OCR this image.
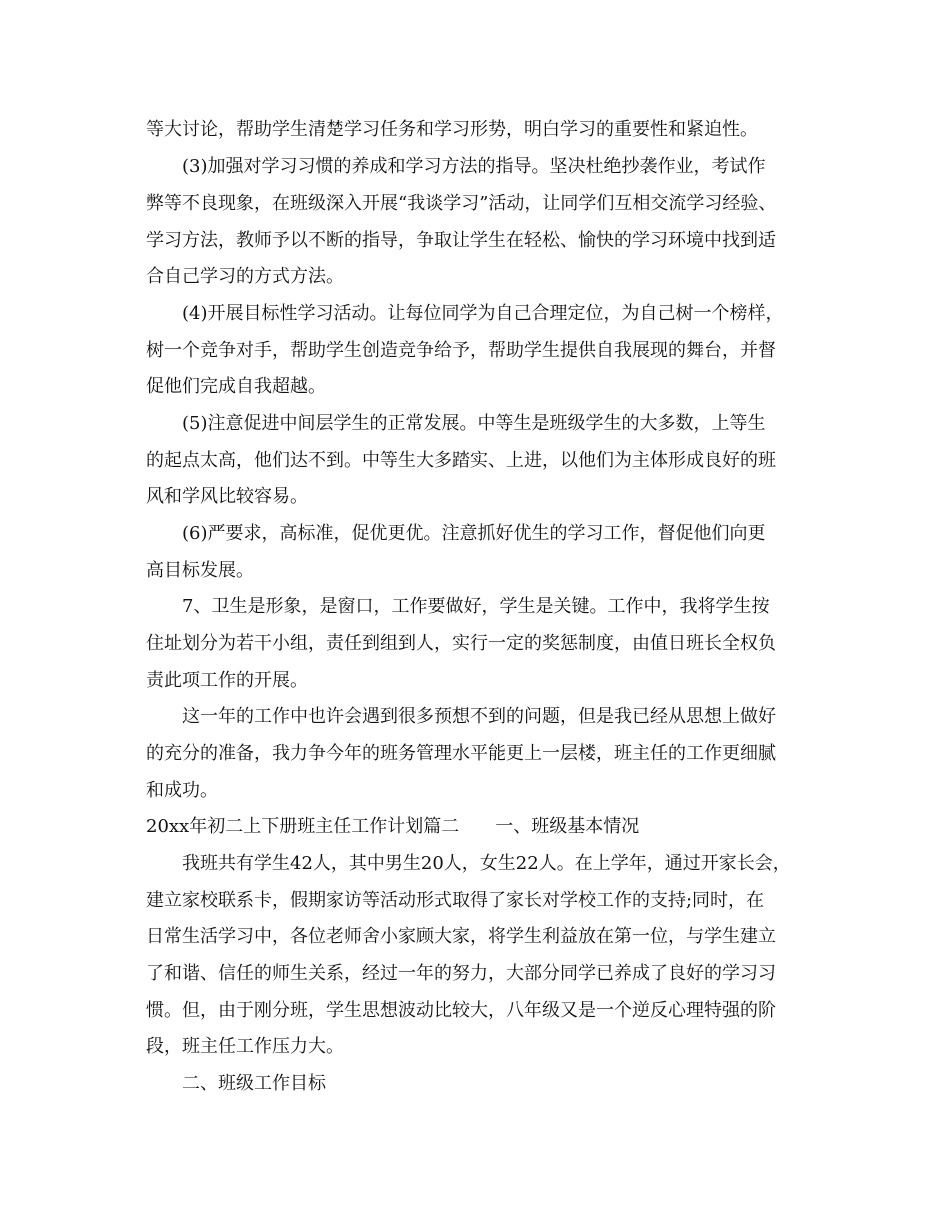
等大讨论，帮助学生清楚学习任务和学习形势，明白学习的重要性和紧迫性。
(3)加强对学习习惯的养成和学习方法的指导。坚决杜绝抄袭作业，考试作
弊等不良现象，在班级深入开展“我谈学习”活动，让同学们互相交流学习经验、
学习方法，教师予以不断的指导，争取让学生在轻松、愉快的学习环境中找到适
合自己学习的方式方法。
(4)开展目标性学习活动。让每位同学为自己合理定位，为自己树一个榜样，
树一个竞争对手，帮助学生创造竞争给予，帮助学生提供自我展现的舞台，并督
促他们完成自我超越。
(5)注意促进中间层学生的正常发展。中等生是班级学生的大多数，上等生
的起点太高，他们达不到。中等生大多踏实、上进，以他们为主体形成良好的班
风和学风比较容易。
(6)严要求，高标准，促优更优。注意抓好优生的学习工作，督促他们向更
高目标发展。
7、卫生是形象，是窗口，工作要做好，学生是关键。工作中，我将学生按
住址划分为若干小组，责任到组到人，实行一定的奖惩制度，由值日班长全权负
责此项工作的开展。
这一年的工作中也许会遇到很多预想不到的问题，但是我已经从思想上做好
的充分的准备，我力争今年的班务管理水平能更上一层楼，班主任的工作更细腻
和成功。
20xx年初二上下册班主任工作计划篇二　　一、班级基本情况
我班共有学生42人，其中男生20人，女生22人。在上学年，通过开家长会，
建立家校联系卡，假期家访等活动形式取得了家长对学校工作的支持;同时，在
日常生活学习中，各位老师舍小家顾大家，将学生利益放在第一位，与学生建立
了和谐、信任的师生关系，经过一年的努力，大部分同学已养成了良好的学习习
惯。但，由于刚分班，学生思想波动比较大，八年级又是一个逆反心理特强的阶
段，班主任工作压力大。
二、班级工作目标
